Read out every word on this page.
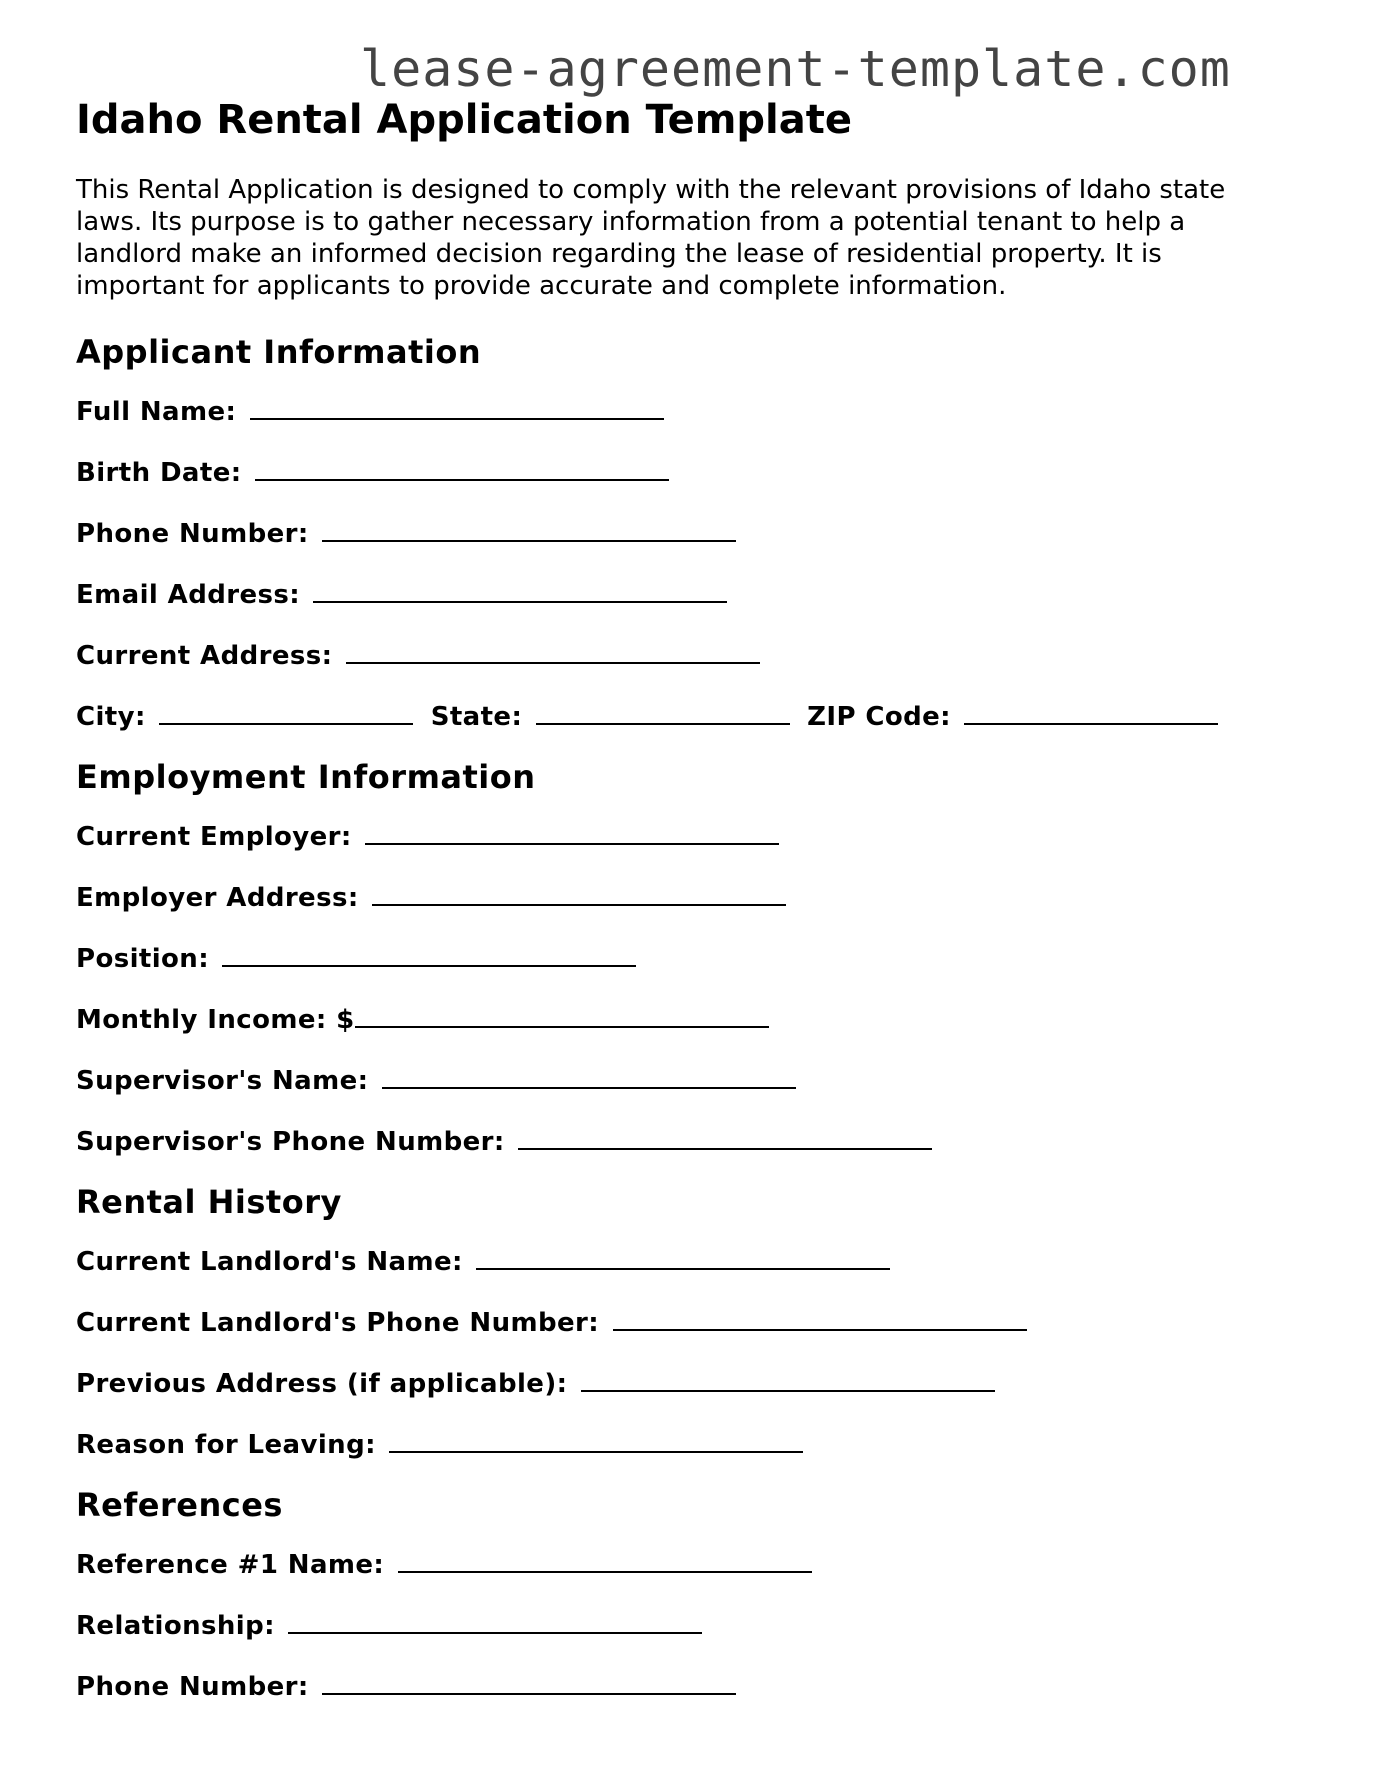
lease-agreement-template.com
Idaho Rental Application Template

This Rental Application is designed to comply with the relevant provisions of Idaho state laws. Its purpose is to gather necessary information from a potential tenant to help a landlord make an informed decision regarding the lease of residential property. It is important for applicants to provide accurate and complete information.

Applicant Information
Full Name:
Birth Date:
Phone Number:
Email Address:
Current Address:
City:	State:	ZIP Code:
Employment Information
Current Employer:
Employer Address:
Position:
Monthly Income: $
Supervisor's Name:
Supervisor's Phone Number:
Rental History
Current Landlord's Name:
Current Landlord's Phone Number:
Previous Address (if applicable):
Reason for Leaving:
References
Reference #1 Name:
Relationship:
Phone Number:
